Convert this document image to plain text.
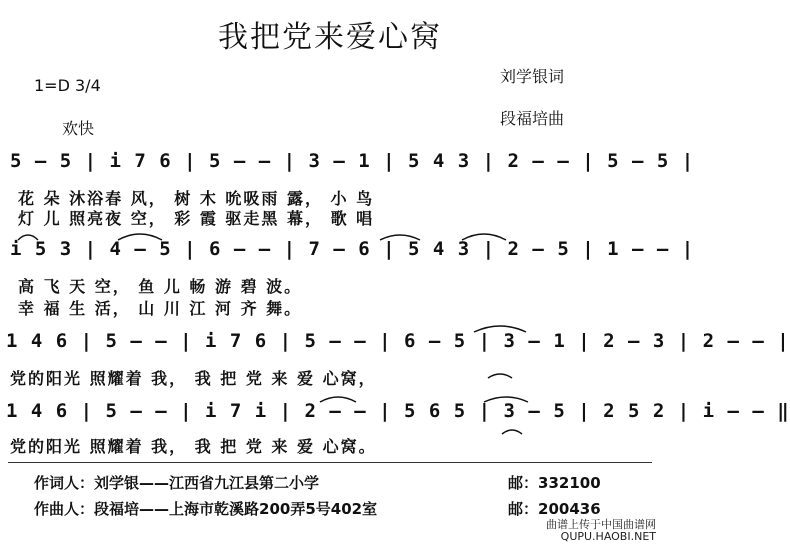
我把党来爱心窝
1=D 3/4
欢快
刘学银词
段福培曲
5 — 5 | i 7 6 | 5 — — | 3 — 1 | 5 4 3 | 2 — — | 5 — 5 |
花 朵 沐浴春 风， 树 木 吮吸雨 露， 小 鸟
灯 儿 照亮夜 空， 彩 霞 驱走黑 幕， 歌 唱
i 5 3 | 4 — 5 | 6 — — | 7 — 6 | 5 4 3 | 2 — 5 | 1 — — |
高 飞 天 空， 鱼 儿 畅 游 碧 波。
幸 福 生 活， 山 川 江 河 齐 舞。
1 4 6 | 5 — — | i 7 6 | 5 — — | 6 — 5 | 3 — 1 | 2 — 3 | 2 — — |
党的阳光 照耀着 我， 我 把 党 来 爱 心窝，
1 4 6 | 5 — — | i 7 i | 2 — — | 5 6 5 | 3 — 5 | 2 5 2 | i — — ‖
党的阳光 照耀着 我， 我 把 党 来 爱 心窝。
作词人：刘学银——江西省九江县第二小学	邮：332100
作曲人：段福培——上海市乾溪路200弄5号402室	邮：200436
曲谱上传于中国曲谱网
QUPU.HAOBI.NET
